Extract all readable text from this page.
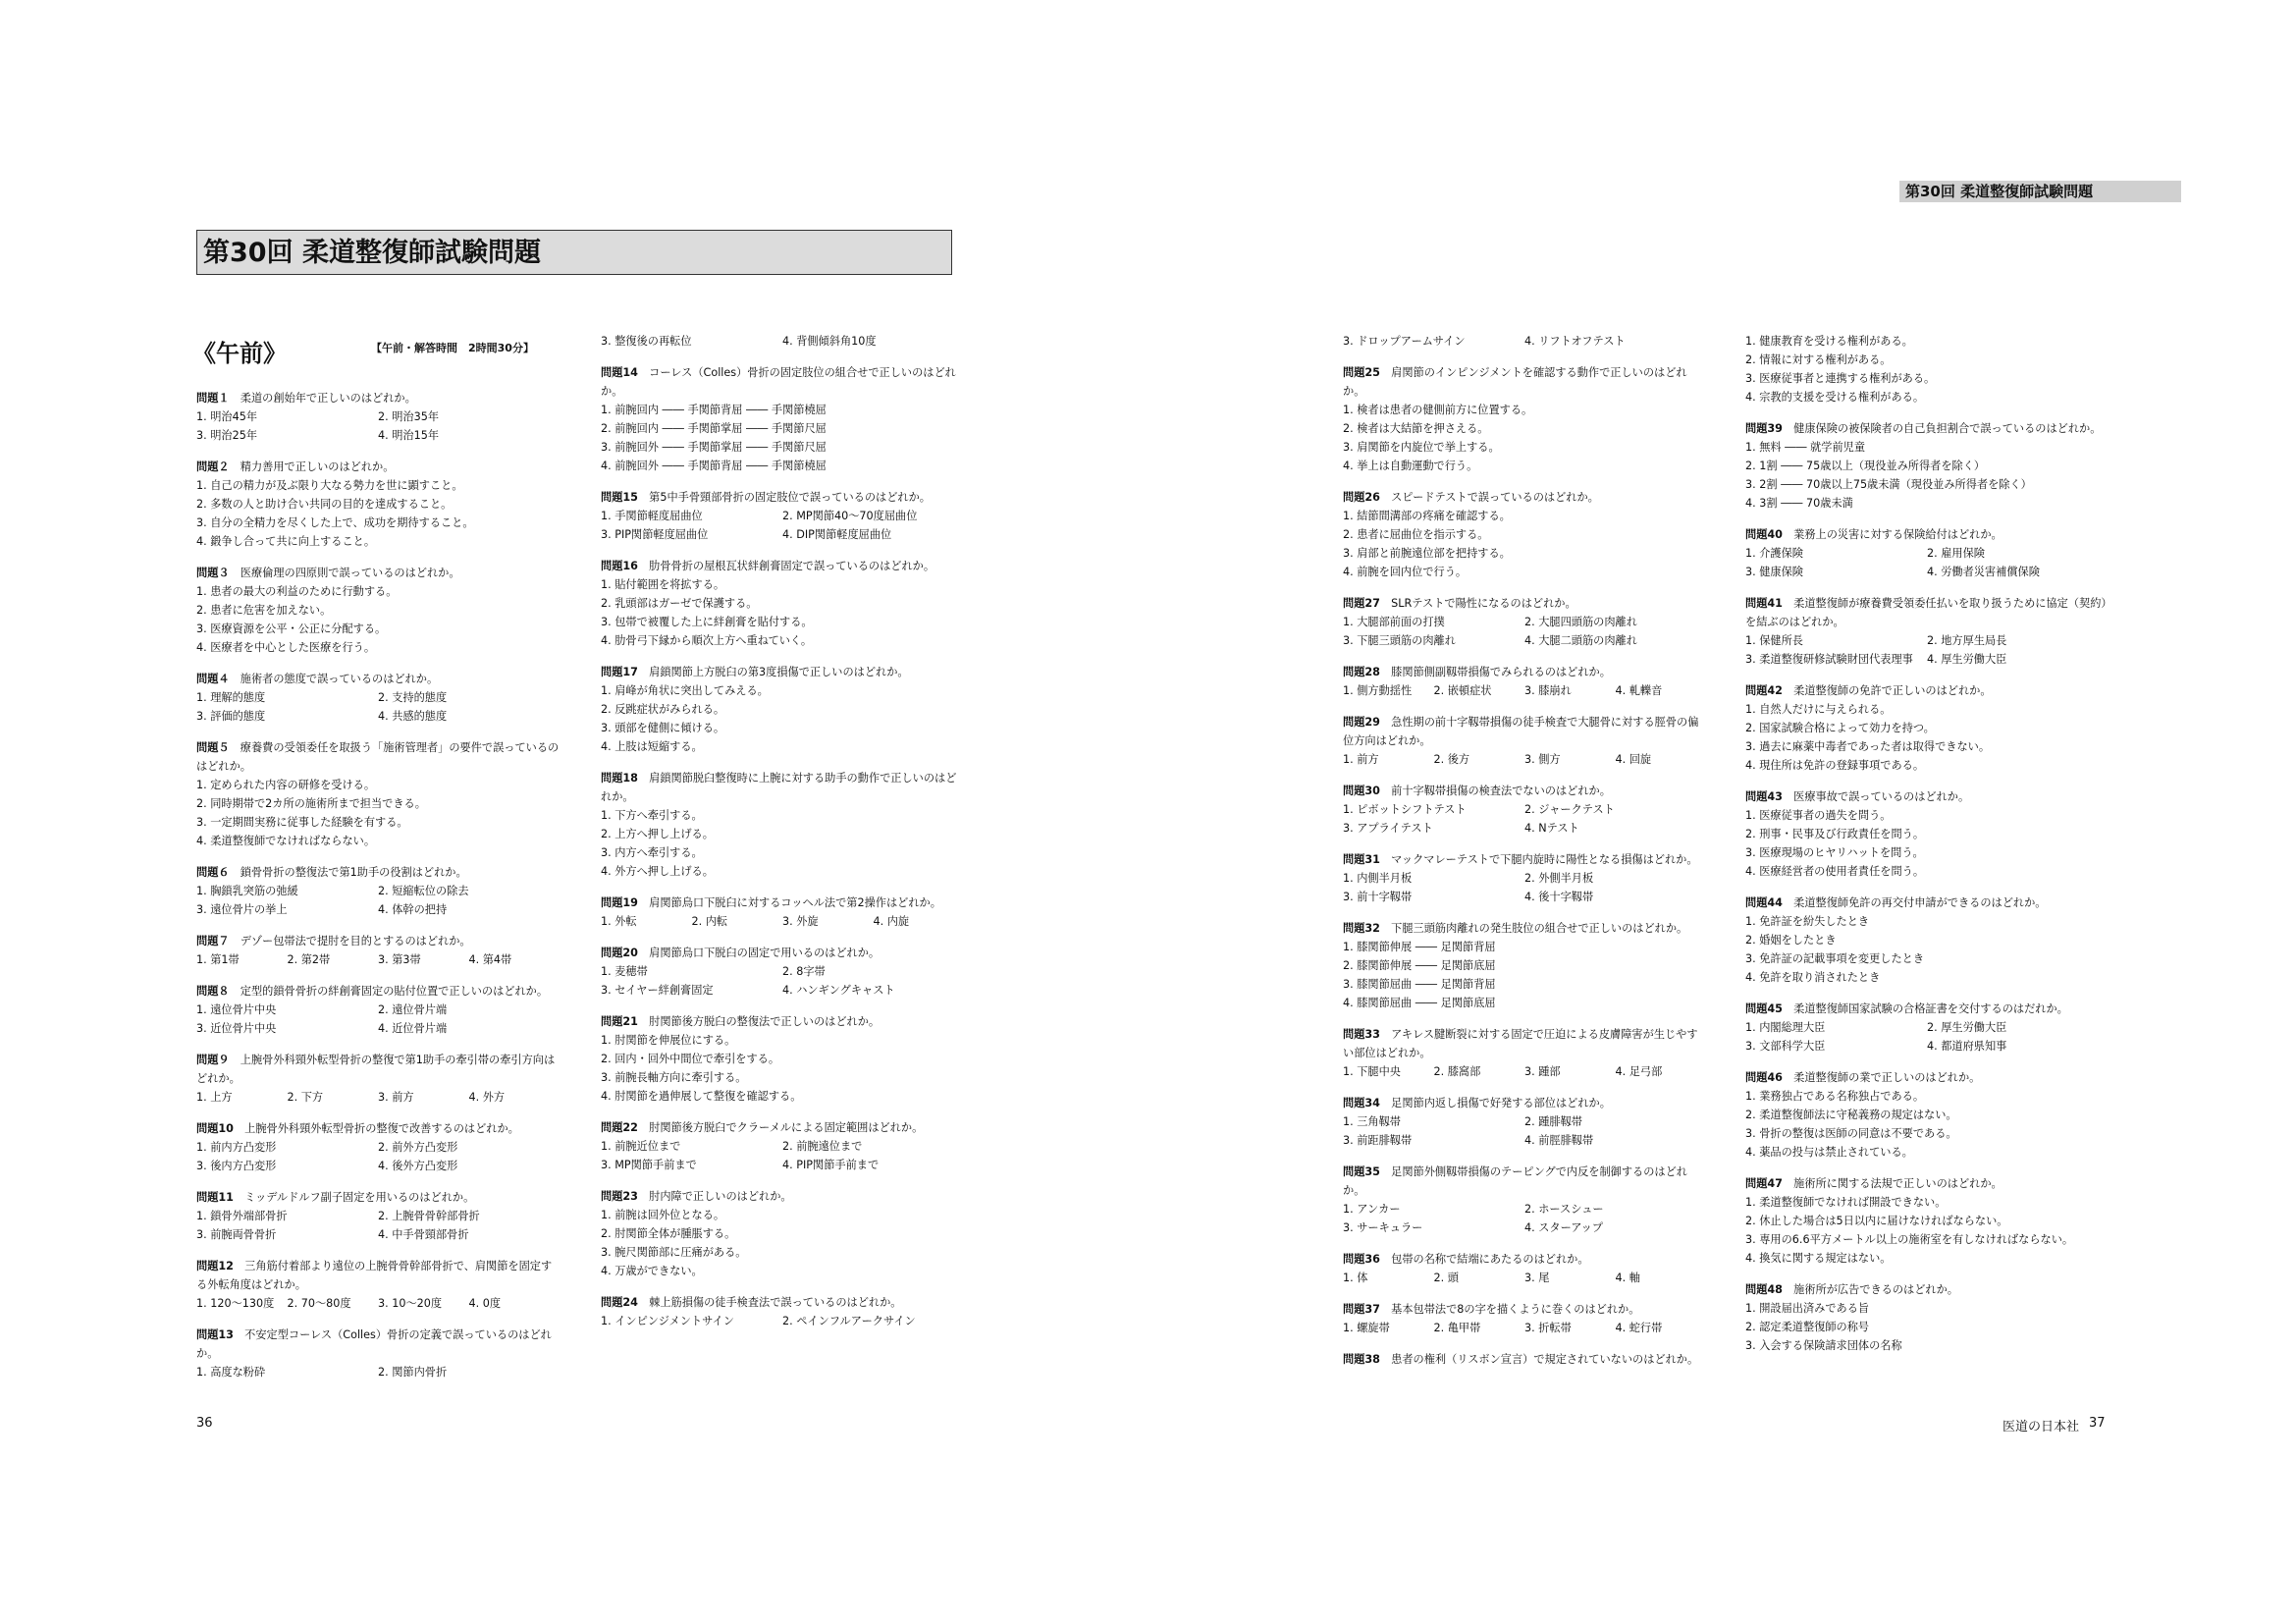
第30回 柔道整復師試験問題
第30回 柔道整復師試験問題
《午前》	【午前・解答時間　2時間30分】
問題１　 柔道の創始年で正しいのはどれか。
1. 明治45年	2. 明治35年
3. 明治25年	4. 明治15年
問題２　 精力善用で正しいのはどれか。
1. 自己の精力が及ぶ限り大なる勢力を世に顕すこと。
2. 多数の人と助け合い共同の目的を達成すること。
3. 自分の全精力を尽くした上で、成功を期待すること。
4. 鍛争し合って共に向上すること。
問題３　 医療倫理の四原則で誤っているのはどれか。
1. 患者の最大の利益のために行動する。
2. 患者に危害を加えない。
3. 医療資源を公平・公正に分配する。
4. 医療者を中心とした医療を行う。
問題４　 施術者の態度で誤っているのはどれか。
1. 理解的態度	2. 支持的態度
3. 評価的態度	4. 共感的態度
問題５　 療養費の受領委任を取扱う「施術管理者」の要件で誤っているのはどれか。
1. 定められた内容の研修を受ける。
2. 同時期帯で2カ所の施術所まで担当できる。
3. 一定期間実務に従事した経験を有する。
4. 柔道整復師でなければならない。
問題６　 鎖骨骨折の整復法で第1助手の役割はどれか。
1. 胸鎖乳突筋の弛緩	2. 短縮転位の除去
3. 遠位骨片の挙上	4. 体幹の把持
問題７　 デゾー包帯法で提肘を目的とするのはどれか。
1. 第1帯	2. 第2帯	3. 第3帯	4. 第4帯
問題８　 定型的鎖骨骨折の絆創膏固定の貼付位置で正しいのはどれか。
1. 遠位骨片中央	2. 遠位骨片端
3. 近位骨片中央	4. 近位骨片端
問題９　 上腕骨外科頸外転型骨折の整復で第1助手の牽引帯の牽引方向はどれか。
1. 上方	2. 下方	3. 前方	4. 外方
問題10　 上腕骨外科頸外転型骨折の整復で改善するのはどれか。
1. 前内方凸変形	2. 前外方凸変形
3. 後内方凸変形	4. 後外方凸変形
問題11　 ミッデルドルフ副子固定を用いるのはどれか。
1. 鎖骨外端部骨折	2. 上腕骨骨幹部骨折
3. 前腕両骨骨折	4. 中手骨頸部骨折
問題12　 三角筋付着部より遠位の上腕骨骨幹部骨折で、肩関節を固定する外転角度はどれか。
1. 120〜130度 2. 70〜80度 3. 10〜20度 4. 0度
問題13　 不安定型コーレス（Colles）骨折の定義で誤っているのはどれか。
1. 高度な粉砕	2. 関節内骨折
3. 整復後の再転位	4. 背側傾斜角10度
問題14　 コーレス（Colles）骨折の固定肢位の組合せで正しいのはどれか。
1. 前腕回内 ―― 手関節背屈 ―― 手関節橈屈
2. 前腕回内 ―― 手関節掌屈 ―― 手関節尺屈
3. 前腕回外 ―― 手関節掌屈 ―― 手関節尺屈
4. 前腕回外 ―― 手関節背屈 ―― 手関節橈屈
問題15　 第5中手骨頸部骨折の固定肢位で誤っているのはどれか。
1. 手関節軽度屈曲位	2. MP関節40〜70度屈曲位
3. PIP関節軽度屈曲位	4. DIP関節軽度屈曲位
問題16　 肋骨骨折の屋根瓦状絆創膏固定で誤っているのはどれか。
1. 貼付範囲を将拡する。
2. 乳頭部はガーゼで保護する。
3. 包帯で被覆した上に絆創膏を貼付する。
4. 肋骨弓下縁から順次上方へ重ねていく。
問題17　 肩鎖関節上方脱臼の第3度損傷で正しいのはどれか。
1. 肩峰が角状に突出してみえる。
2. 反跳症状がみられる。
3. 頭部を健側に傾ける。
4. 上肢は短縮する。
問題18　 肩鎖関節脱臼整復時に上腕に対する助手の動作で正しいのはどれか。
1. 下方へ牽引する。
2. 上方へ押し上げる。
3. 内方へ牽引する。
4. 外方へ押し上げる。
問題19　 肩関節烏口下脱臼に対するコッヘル法で第2操作はどれか。
1. 外転	2. 内転	3. 外旋	4. 内旋
問題20　 肩関節烏口下脱臼の固定で用いるのはどれか。
1. 麦穂帯	2. 8字帯
3. セイヤー絆創膏固定	4. ハンギングキャスト
問題21　 肘関節後方脱臼の整復法で正しいのはどれか。
1. 肘関節を伸展位にする。
2. 回内・回外中間位で牽引をする。
3. 前腕長軸方向に牽引する。
4. 肘関節を過伸展して整復を確認する。
問題22　 肘関節後方脱臼でクラーメルによる固定範囲はどれか。
1. 前腕近位まで	2. 前腕遠位まで
3. MP関節手前まで	4. PIP関節手前まで
問題23　 肘内障で正しいのはどれか。
1. 前腕は回外位となる。
2. 肘関節全体が腫脹する。
3. 腕尺関節部に圧痛がある。
4. 万歳ができない。
問題24　 棘上筋損傷の徒手検査法で誤っているのはどれか。
1. インピンジメントサイン	2. ペインフルアークサイン
3. ドロップアームサイン	4. リフトオフテスト
問題25　 肩関節のインピンジメントを確認する動作で正しいのはどれか。
1. 検者は患者の健側前方に位置する。
2. 検者は大結節を押さえる。
3. 肩関節を内旋位で挙上する。
4. 挙上は自動運動で行う。
問題26　 スピードテストで誤っているのはどれか。
1. 結節間溝部の疼痛を確認する。
2. 患者に屈曲位を指示する。
3. 肩部と前腕遠位部を把持する。
4. 前腕を回内位で行う。
問題27　 SLRテストで陽性になるのはどれか。
1. 大腿部前面の打撲	2. 大腿四頭筋の肉離れ
3. 下腿三頭筋の肉離れ	4. 大腿二頭筋の肉離れ
問題28　 膝関節側副靱帯損傷でみられるのはどれか。
1. 側方動揺性 2. 嵌頓症状	3. 膝崩れ	4. 軋轢音
問題29　 急性期の前十字靱帯損傷の徒手検査で大腿骨に対する脛骨の偏位方向はどれか。
1. 前方	2. 後方	3. 側方	4. 回旋
問題30　 前十字靱帯損傷の検査法でないのはどれか。
1. ピボットシフトテスト	2. ジャークテスト
3. アプライテスト	4. Nテスト
問題31　 マックマレーテストで下腿内旋時に陽性となる損傷はどれか。
1. 内側半月板	2. 外側半月板
3. 前十字靱帯	4. 後十字靱帯
問題32　 下腿三頭筋肉離れの発生肢位の組合せで正しいのはどれか。
1. 膝関節伸展 ―― 足関節背屈
2. 膝関節伸展 ―― 足関節底屈
3. 膝関節屈曲 ―― 足関節背屈
4. 膝関節屈曲 ―― 足関節底屈
問題33　 アキレス腱断裂に対する固定で圧迫による皮膚障害が生じやすい部位はどれか。
1. 下腿中央	2. 膝窩部	3. 踵部	4. 足弓部
問題34　 足関節内返し損傷で好発する部位はどれか。
1. 三角靱帯	2. 踵腓靱帯
3. 前距腓靱帯	4. 前脛腓靱帯
問題35　 足関節外側靱帯損傷のテーピングで内反を制御するのはどれか。
1. アンカー	2. ホースシュー
3. サーキュラー	4. スターアップ
問題36　 包帯の名称で結端にあたるのはどれか。
1. 体	2. 頭	3. 尾	4. 軸
問題37　 基本包帯法で8の字を描くように巻くのはどれか。
1. 螺旋帯	2. 亀甲帯	3. 折転帯	4. 蛇行帯
問題38　 患者の権利（リスボン宣言）で規定されていないのはどれか。
1. 健康教育を受ける権利がある。
2. 情報に対する権利がある。
3. 医療従事者と連携する権利がある。
4. 宗教的支援を受ける権利がある。
問題39　 健康保険の被保険者の自己負担割合で誤っているのはどれか。
1. 無料 ―― 就学前児童
2. 1割 ―― 75歳以上（現役並み所得者を除く）
3. 2割 ―― 70歳以上75歳未満（現役並み所得者を除く）
4. 3割 ―― 70歳未満
問題40　 業務上の災害に対する保険給付はどれか。
1. 介護保険	2. 雇用保険
3. 健康保険	4. 労働者災害補償保険
問題41　 柔道整復師が療養費受領委任払いを取り扱うために協定（契約）を結ぶのはどれか。
1. 保健所長	2. 地方厚生局長
3. 柔道整復研修試験財団代表理事 4. 厚生労働大臣
問題42　 柔道整復師の免許で正しいのはどれか。
1. 自然人だけに与えられる。
2. 国家試験合格によって効力を持つ。
3. 過去に麻薬中毒者であった者は取得できない。
4. 現住所は免許の登録事項である。
問題43　 医療事故で誤っているのはどれか。
1. 医療従事者の過失を問う。
2. 刑事・民事及び行政責任を問う。
3. 医療現場のヒヤリハットを問う。
4. 医療経営者の使用者責任を問う。
問題44　 柔道整復師免許の再交付申請ができるのはどれか。
1. 免許証を紛失したとき
2. 婚姻をしたとき
3. 免許証の記載事項を変更したとき
4. 免許を取り消されたとき
問題45　 柔道整復師国家試験の合格証書を交付するのはだれか。
1. 内閣総理大臣	2. 厚生労働大臣
3. 文部科学大臣	4. 都道府県知事
問題46　 柔道整復師の業で正しいのはどれか。
1. 業務独占である名称独占である。
2. 柔道整復師法に守秘義務の規定はない。
3. 骨折の整復は医師の同意は不要である。
4. 薬品の投与は禁止されている。
問題47　 施術所に関する法規で正しいのはどれか。
1. 柔道整復師でなければ開設できない。
2. 休止した場合は5日以内に届けなければならない。
3. 専用の6.6平方メートル以上の施術室を有しなければならない。
4. 換気に関する規定はない。
問題48　 施術所が広告できるのはどれか。
1. 開設届出済みである旨
2. 認定柔道整復師の称号
3. 入会する保険請求団体の名称
36	医道の日本社 37
